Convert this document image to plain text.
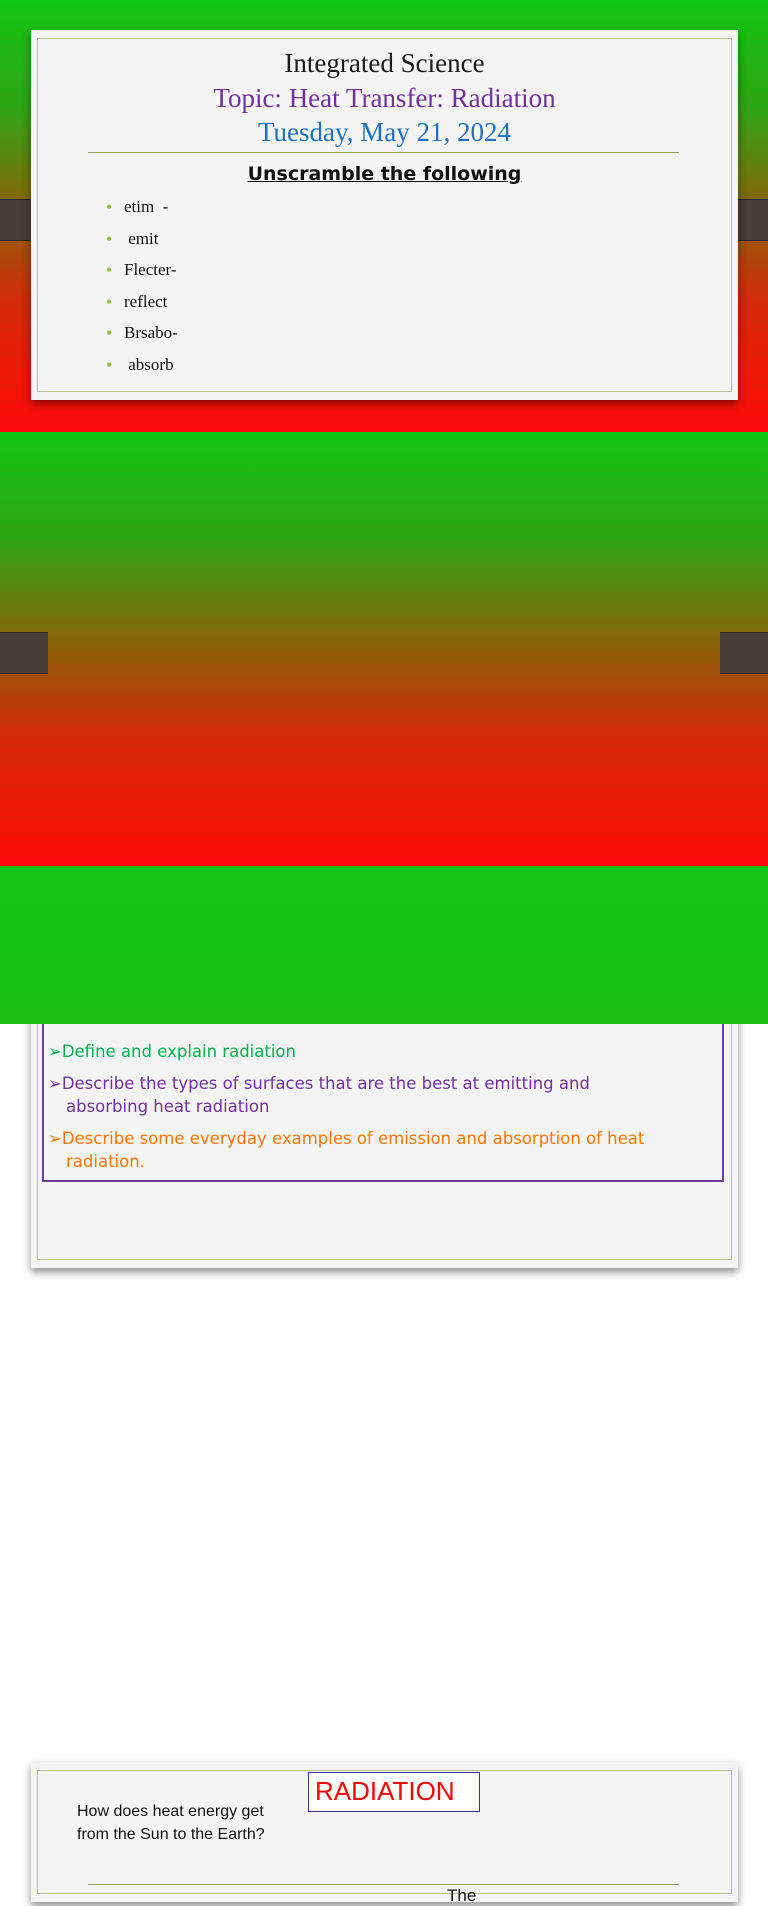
Integrated Science
Topic: Heat Transfer: Radiation
Tuesday, May 21, 2024
Unscramble the following
• etim  -
• emit
• Flecter-
• reflect
• Brsabo-
• absorb
➢Define and explain radiation
➢Describe the types of surfaces that are the best at emitting and
absorbing heat radiation
➢Describe some everyday examples of emission and absorption of heat
radiation.
How does heat energy get
from the Sun to the Earth?
RADIATION
The
